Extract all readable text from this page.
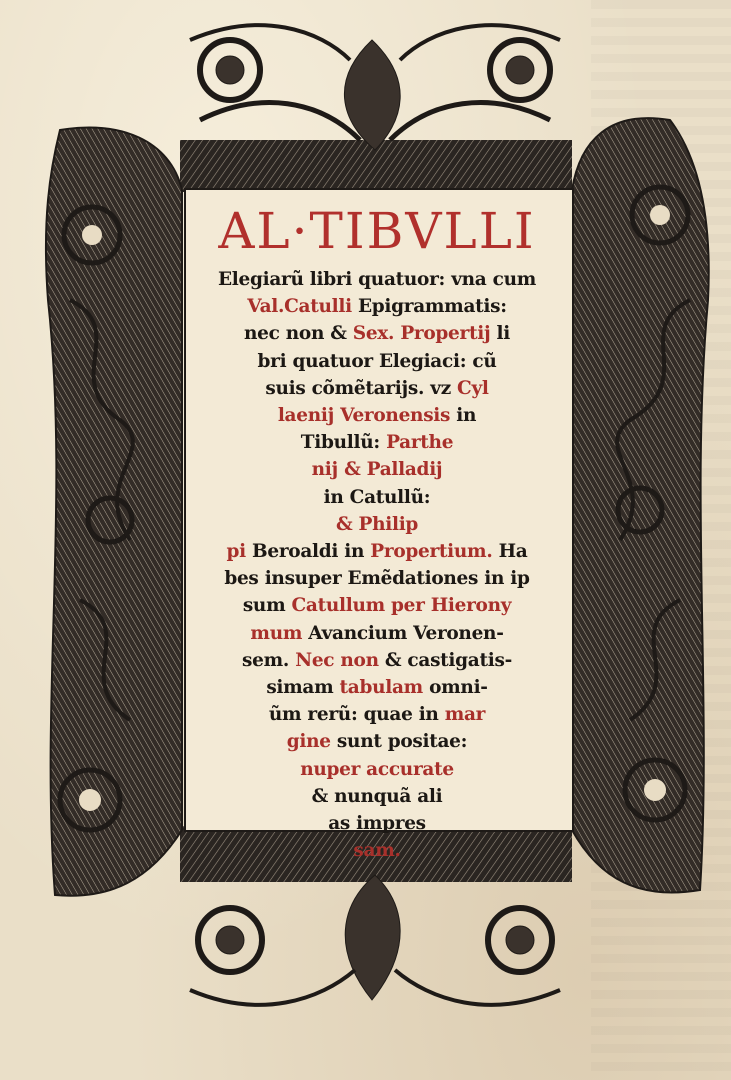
AL·TIBVLLI
Elegiarũ libri quatuor: vna cum
Val.Catulli Epigrammatis:
nec non & Sex. Propertij li
bri quatuor Elegiaci: cũ
suis cõmẽtarijs. vz Cyl
laenij Veronensis in
Tibullũ: Parthe
nij & Palladij
in Catullũ:
& Philip
pi Beroaldi in Propertium. Ha
bes insuper Emẽdationes in ip
sum Catullum per Hierony
mum Avancium Veronen-
sem. Nec non & castigatis-
simam tabulam omni-
ũm rerũ: quae in mar
gine sunt positae:
nuper accurate
& nunquã ali
as impres
sam.
